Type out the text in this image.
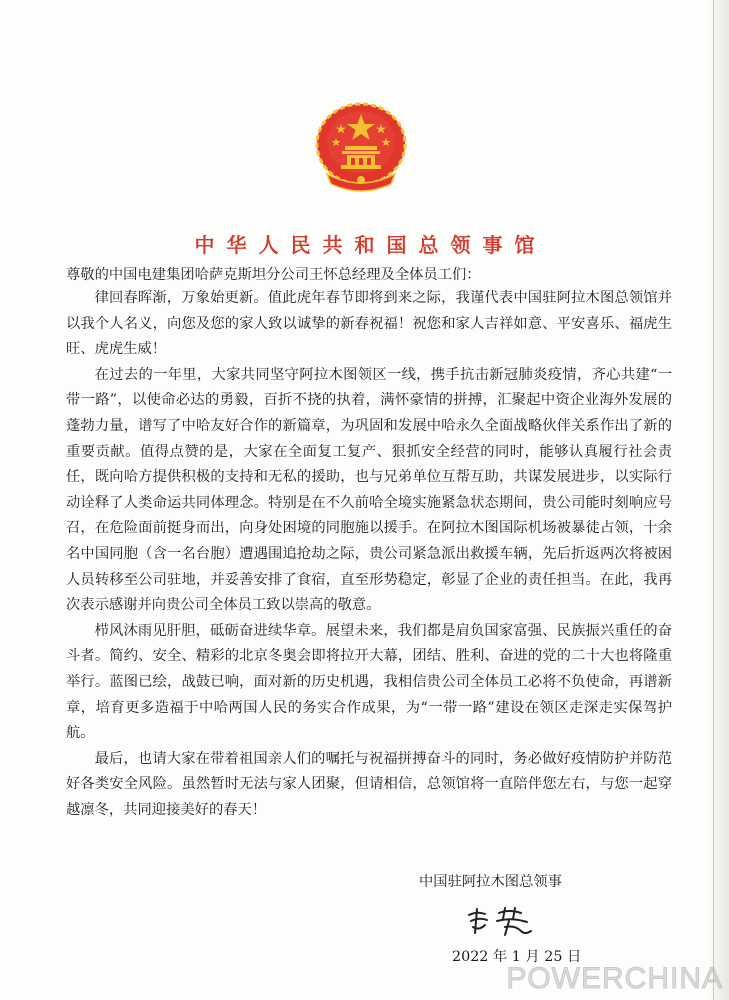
中华人民共和国总领事馆
尊敬的中国电建集团哈萨克斯坦分公司王怀总经理及全体员工们：

律回春晖渐，万象始更新。值此虎年春节即将到来之际，我谨代表中国驻阿拉木图总领馆并以我个人名义，向您及您的家人致以诚挚的新春祝福！祝您和家人吉祥如意、平安喜乐、福虎生旺、虎虎生威！

在过去的一年里，大家共同坚守阿拉木图领区一线，携手抗击新冠肺炎疫情，齐心共建“一带一路”，以使命必达的勇毅，百折不挠的执着，满怀豪情的拼搏，汇聚起中资企业海外发展的蓬勃力量，谱写了中哈友好合作的新篇章，为巩固和发展中哈永久全面战略伙伴关系作出了新的重要贡献。值得点赞的是，大家在全面复工复产、狠抓安全经营的同时，能够认真履行社会责任，既向哈方提供积极的支持和无私的援助，也与兄弟单位互帮互助，共谋发展进步，以实际行动诠释了人类命运共同体理念。特别是在不久前哈全境实施紧急状态期间，贵公司能时刻响应号召，在危险面前挺身而出，向身处困境的同胞施以援手。在阿拉木图国际机场被暴徒占领，十余名中国同胞（含一名台胞）遭遇围追抢劫之际，贵公司紧急派出救援车辆，先后折返两次将被困人员转移至公司驻地，并妥善安排了食宿，直至形势稳定，彰显了企业的责任担当。在此，我再次表示感谢并向贵公司全体员工致以崇高的敬意。

栉风沐雨见肝胆，砥砺奋进续华章。展望未来，我们都是肩负国家富强、民族振兴重任的奋斗者。简约、安全、精彩的北京冬奥会即将拉开大幕，团结、胜利、奋进的党的二十大也将隆重举行。蓝图已绘，战鼓已响，面对新的历史机遇，我相信贵公司全体员工必将不负使命，再谱新章，培育更多造福于中哈两国人民的务实合作成果，为“一带一路”建设在领区走深走实保驾护航。

最后，也请大家在带着祖国亲人们的嘱托与祝福拼搏奋斗的同时，务必做好疫情防护并防范好各类安全风险。虽然暂时无法与家人团聚，但请相信，总领馆将一直陪伴您左右，与您一起穿越凛冬，共同迎接美好的春天！

中国驻阿拉木图总领事
2022 年 1 月 25 日
POWERCHINA
